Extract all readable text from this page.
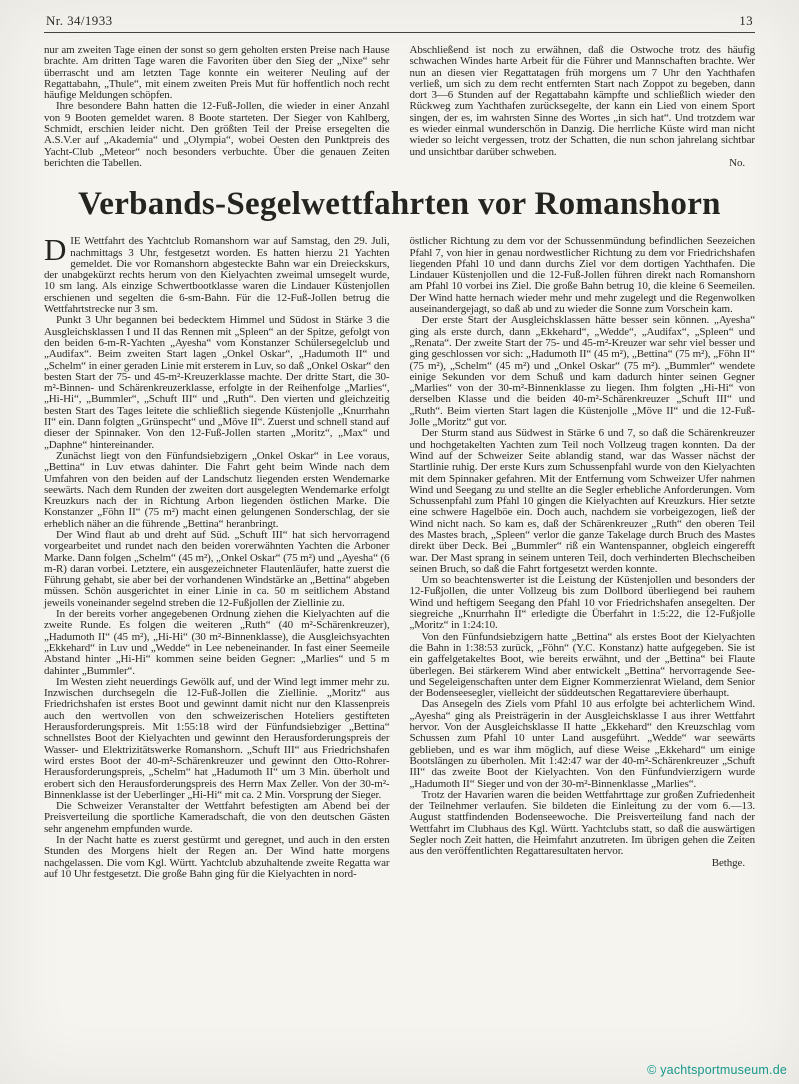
Nr. 34/1933	13

nur am zweiten Tage einen der sonst so gern geholten ersten Preise nach Hause brachte. Am dritten Tage waren die Favoriten über den Sieg der „Nixe“ sehr überrascht und am letzten Tage konnte ein weiterer Neuling auf der Regattabahn, „Thule“, mit einem zweiten Preis Mut für hoffentlich noch recht häufige Meldungen schöpfen.

Ihre besondere Bahn hatten die 12-Fuß-Jollen, die wieder in einer Anzahl von 9 Booten gemeldet waren. 8 Boote starteten. Der Sieger von Kahlberg, Schmidt, erschien leider nicht. Den größten Teil der Preise ersegelten die A.S.V.er auf „Akademia“ und „Olympia“, wobei Oesten den Punktpreis des Yacht-Club „Meteor“ noch besonders verbuchte. Über die genauen Zeiten berichten die Tabellen.

Abschließend ist noch zu erwähnen, daß die Ostwoche trotz des häufig schwachen Windes harte Arbeit für die Führer und Mannschaften brachte. Wer nun an diesen vier Regattatagen früh morgens um 7 Uhr den Yachthafen verließ, um sich zu dem recht entfernten Start nach Zoppot zu begeben, dann dort 3—6 Stunden auf der Regattabahn kämpfte und schließlich wieder den Rückweg zum Yachthafen zurücksegelte, der kann ein Lied von einem Sport singen, der es, im wahrsten Sinne des Wortes „in sich hat“. Und trotzdem war es wieder einmal wunderschön in Danzig. Die herrliche Küste wird man nicht wieder so leicht vergessen, trotz der Schatten, die nun schon jahrelang sichtbar und unsichtbar darüber schweben.

No.

Verbands-Segelwettfahrten vor Romanshorn

DIE Wettfahrt des Yachtclub Romanshorn war auf Samstag, den 29. Juli, nachmittags 3 Uhr, festgesetzt worden. Es hatten hierzu 21 Yachten gemeldet. Die vor Romanshorn abgesteckte Bahn war ein Dreieckskurs, der unabgekürzt rechts herum von den Kielyachten zweimal umsegelt wurde, 10 sm lang. Als einzige Schwertbootklasse waren die Lindauer Küstenjollen erschienen und segelten die 6-sm-Bahn. Für die 12-Fuß-Jollen betrug die Wettfahrtstrecke nur 3 sm.

Punkt 3 Uhr begannen bei bedecktem Himmel und Südost in Stärke 3 die Ausgleichsklassen I und II das Rennen mit „Spleen“ an der Spitze, gefolgt von den beiden 6-m-R-Yachten „Ayesha“ vom Konstanzer Schülersegelclub und „Audifax“. Beim zweiten Start lagen „Onkel Oskar“, „Hadumoth II“ und „Schelm“ in einer geraden Linie mit ersterem in Luv, so daß „Onkel Oskar“ den besten Start der 75- und 45-m²-Kreuzerklasse machte. Der dritte Start, die 30-m²-Binnen- und Schärenkreuzerklasse, erfolgte in der Reihenfolge „Marlies“, „Hi-Hi“, „Bummler“, „Schuft III“ und „Ruth“. Den vierten und gleichzeitig besten Start des Tages leitete die schließlich siegende Küstenjolle „Knurrhahn II“ ein. Dann folgten „Grünspecht“ und „Möve II“. Zuerst und schnell stand auf dieser der Spinnaker. Von den 12-Fuß-Jollen starten „Moritz“, „Max“ und „Daphne“ hintereinander.

Zunächst liegt von den Fünfundsiebzigern „Onkel Oskar“ in Lee voraus, „Bettina“ in Luv etwas dahinter. Die Fahrt geht beim Winde nach dem Umfahren von den beiden auf der Landschutz liegenden ersten Wendemarke seewärts. Nach dem Runden der zweiten dort ausgelegten Wendemarke erfolgt Kreuzkurs nach der in Richtung Arbon liegenden östlichen Marke. Die Konstanzer „Föhn II“ (75 m²) macht einen gelungenen Sonderschlag, der sie erheblich näher an die führende „Bettina“ heranbringt.

Der Wind flaut ab und dreht auf Süd. „Schuft III“ hat sich hervorragend vorgearbeitet und rundet nach den beiden vorerwähnten Yachten die Arboner Marke. Dann folgen „Schelm“ (45 m²), „Onkel Oskar“ (75 m²) und „Ayesha“ (6 m-R) daran vorbei. Letztere, ein ausgezeichneter Flautenläufer, hatte zuerst die Führung gehabt, sie aber bei der vorhandenen Windstärke an „Bettina“ abgeben müssen. Schön ausgerichtet in einer Linie in ca. 50 m seitlichem Abstand jeweils voneinander segelnd streben die 12-Fußjollen der Ziellinie zu.

In der bereits vorher angegebenen Ordnung ziehen die Kielyachten auf die zweite Runde. Es folgen die weiteren „Ruth“ (40 m²-Schärenkreuzer), „Hadumoth II“ (45 m²), „Hi-Hi“ (30 m²-Binnenklasse), die Ausgleichsyachten „Ekkehard“ in Luv und „Wedde“ in Lee nebeneinander. In fast einer Seemeile Abstand hinter „Hi-Hi“ kommen seine beiden Gegner: „Marlies“ und 5 m dahinter „Bummler“.

Im Westen zieht neuerdings Gewölk auf, und der Wind legt immer mehr zu. Inzwischen durchsegeln die 12-Fuß-Jollen die Ziellinie. „Moritz“ aus Friedrichshafen ist erstes Boot und gewinnt damit nicht nur den Klassenpreis auch den wertvollen von den schweizerischen Hoteliers gestifteten Herausforderungspreis. Mit 1:55:18 wird der Fünfundsiebziger „Bettina“ schnellstes Boot der Kielyachten und gewinnt den Herausforderungspreis der Wasser- und Elektrizitätswerke Romanshorn. „Schuft III“ aus Friedrichshafen wird erstes Boot der 40-m²-Schärenkreuzer und gewinnt den Otto-Rohrer-Herausforderungspreis, „Schelm“ hat „Hadumoth II“ um 3 Min. überholt und erobert sich den Herausforderungspreis des Herrn Max Zeller. Von der 30-m²-Binnenklasse ist der Ueberlinger „Hi-Hi“ mit ca. 2 Min. Vorsprung der Sieger.

Die Schweizer Veranstalter der Wettfahrt befestigten am Abend bei der Preisverteilung die sportliche Kameradschaft, die von den deutschen Gästen sehr angenehm empfunden wurde.

In der Nacht hatte es zuerst gestürmt und geregnet, und auch in den ersten Stunden des Morgens hielt der Regen an. Der Wind hatte morgens nachgelassen. Die vom Kgl. Württ. Yachtclub abzuhaltende zweite Regatta war auf 10 Uhr festgesetzt. Die große Bahn ging für die Kielyachten in nord-

östlicher Richtung zu dem vor der Schussenmündung befindlichen Seezeichen Pfahl 7, von hier in genau nordwestlicher Richtung zu dem vor Friedrichshafen liegenden Pfahl 10 und dann durchs Ziel vor dem dortigen Yachthafen. Die Lindauer Küstenjollen und die 12-Fuß-Jollen führen direkt nach Romanshorn am Pfahl 10 vorbei ins Ziel. Die große Bahn betrug 10, die kleine 6 Seemeilen. Der Wind hatte hernach wieder mehr und mehr zugelegt und die Regenwolken auseinandergejagt, so daß ab und zu wieder die Sonne zum Vorschein kam.

Der erste Start der Ausgleichsklassen hätte besser sein können. „Ayesha“ ging als erste durch, dann „Ekkehard“, „Wedde“, „Audifax“, „Spleen“ und „Renata“. Der zweite Start der 75- und 45-m²-Kreuzer war sehr viel besser und ging geschlossen vor sich: „Hadumoth II“ (45 m²), „Bettina“ (75 m²), „Föhn II“ (75 m²), „Schelm“ (45 m²) und „Onkel Oskar“ (75 m²). „Bummler“ wendete einige Sekunden vor dem Schuß und kam dadurch hinter seinen Gegner „Marlies“ von der 30-m²-Binnenklasse zu liegen. Ihm folgten „Hi-Hi“ von derselben Klasse und die beiden 40-m²-Schärenkreuzer „Schuft III“ und „Ruth“. Beim vierten Start lagen die Küstenjolle „Möve II“ und die 12-Fuß-Jolle „Moritz“ gut vor.

Der Sturm stand aus Südwest in Stärke 6 und 7, so daß die Schärenkreuzer und hochgetakelten Yachten zum Teil noch Vollzeug tragen konnten. Da der Wind auf der Schweizer Seite ablandig stand, war das Wasser nächst der Startlinie ruhig. Der erste Kurs zum Schussenpfahl wurde von den Kielyachten mit dem Spinnaker gefahren. Mit der Entfernung vom Schweizer Ufer nahmen Wind und Seegang zu und stellte an die Segler erhebliche Anforderungen. Vom Schussenpfahl zum Pfahl 10 gingen die Kielyachten auf Kreuzkurs. Hier setzte eine schwere Hagelböe ein. Doch auch, nachdem sie vorbeigezogen, ließ der Wind nicht nach. So kam es, daß der Schärenkreuzer „Ruth“ den oberen Teil des Mastes brach, „Spleen“ verlor die ganze Takelage durch Bruch des Mastes direkt über Deck. Bei „Bummler“ riß ein Wantenspanner, obgleich eingerefft war. Der Mast sprang in seinem unteren Teil, doch verhinderten Blechscheiben seinen Bruch, so daß die Fahrt fortgesetzt werden konnte.

Um so beachtenswerter ist die Leistung der Küstenjollen und besonders der 12-Fußjollen, die unter Vollzeug bis zum Dollbord überliegend bei rauhem Wind und heftigem Seegang den Pfahl 10 vor Friedrichshafen ansegelten. Der siegreiche „Knurrhahn II“ erledigte die Überfahrt in 1:5:22, die 12-Fußjolle „Moritz“ in 1:24:10.

Von den Fünfundsiebzigern hatte „Bettina“ als erstes Boot der Kielyachten die Bahn in 1:38:53 zurück, „Föhn“ (Y.C. Konstanz) hatte aufgegeben. Sie ist ein gaffelgetakeltes Boot, wie bereits erwähnt, und der „Bettina“ bei Flaute überlegen. Bei stärkerem Wind aber entwickelt „Bettina“ hervorragende See- und Segeleigenschaften unter dem Eigner Kommerzienrat Wieland, dem Senior der Bodenseesegler, vielleicht der süddeutschen Regattareviere überhaupt.

Das Ansegeln des Ziels vom Pfahl 10 aus erfolgte bei achterlichem Wind. „Ayesha“ ging als Preisträgerin in der Ausgleichsklasse I aus ihrer Wettfahrt hervor. Von der Ausgleichsklasse II hatte „Ekkehard“ den Kreuzschlag vom Schussen zum Pfahl 10 unter Land ausgeführt. „Wedde“ war seewärts geblieben, und es war ihm möglich, auf diese Weise „Ekkehard“ um einige Bootslängen zu überholen. Mit 1:42:47 war der 40-m²-Schärenkreuzer „Schuft III“ das zweite Boot der Kielyachten. Von den Fünfundvierzigern wurde „Hadumoth II“ Sieger und von der 30-m²-Binnenklasse „Marlies“.

Trotz der Havarien waren die beiden Wettfahrttage zur großen Zufriedenheit der Teilnehmer verlaufen. Sie bildeten die Einleitung zu der vom 6.—13. August stattfindenden Bodenseewoche. Die Preisverteilung fand nach der Wettfahrt im Clubhaus des Kgl. Württ. Yachtclubs statt, so daß die auswärtigen Segler noch Zeit hatten, die Heimfahrt anzutreten. Im übrigen gehen die Zeiten aus den veröffentlichten Regattaresultaten hervor.

Bethge.

© yachtsportmuseum.de
